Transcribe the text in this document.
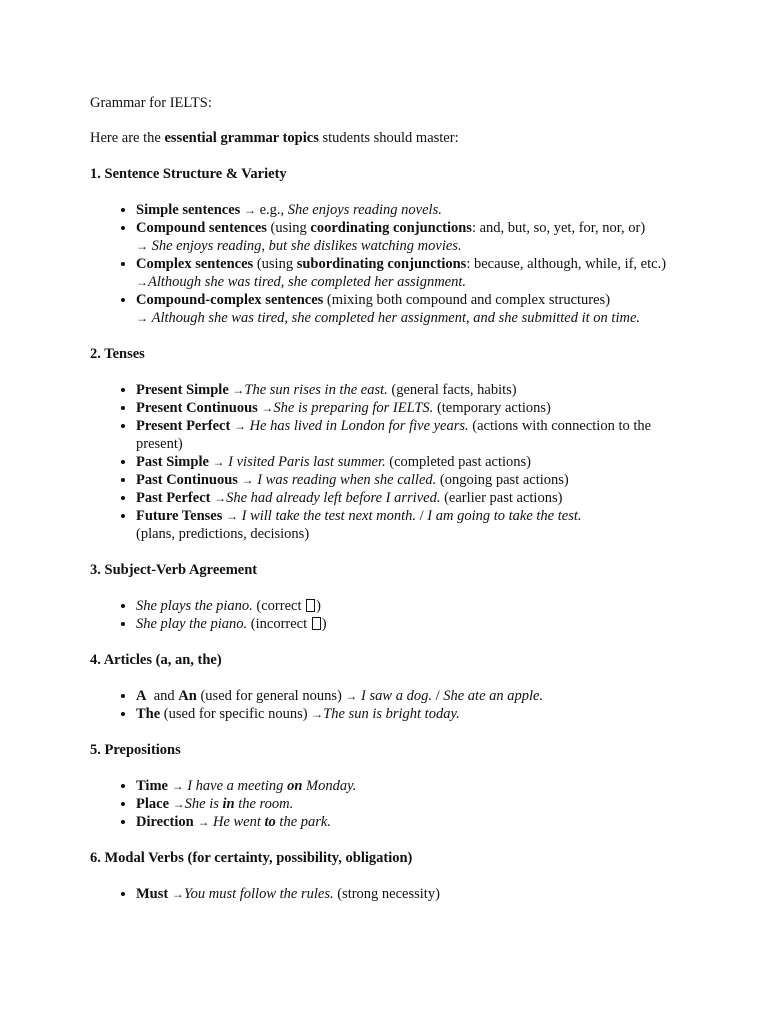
Grammar for IELTS:

Here are the essential grammar topics students should master:

1. Sentence Structure & Variety

• Simple sentences → e.g., She enjoys reading novels.
• Compound sentences (using coordinating conjunctions: and, but, so, yet, for, nor, or)
→ She enjoys reading, but she dislikes watching movies.
• Complex sentences (using subordinating conjunctions: because, although, while, if, etc.)
→Although she was tired, she completed her assignment.
• Compound-complex sentences (mixing both compound and complex structures)
→ Although she was tired, she completed her assignment, and she submitted it on time.

2. Tenses

• Present Simple →The sun rises in the east. (general facts, habits)
• Present Continuous →She is preparing for IELTS. (temporary actions)
• Present Perfect → He has lived in London for five years. (actions with connection to the present)
• Past Simple → I visited Paris last summer. (completed past actions)
• Past Continuous → I was reading when she called. (ongoing past actions)
• Past Perfect →She had already left before I arrived. (earlier past actions)
• Future Tenses → I will take the test next month. / I am going to take the test.
(plans, predictions, decisions)

3. Subject-Verb Agreement

• She plays the piano. (correct )
• She play the piano. (incorrect )

4. Articles (a, an, the)

• A  and An (used for general nouns) → I saw a dog. / She ate an apple.
• The (used for specific nouns) →The sun is bright today.

5. Prepositions

• Time → I have a meeting on Monday.
• Place →She is in the room.
• Direction → He went to the park.

6. Modal Verbs (for certainty, possibility, obligation)

• Must →You must follow the rules. (strong necessity)
